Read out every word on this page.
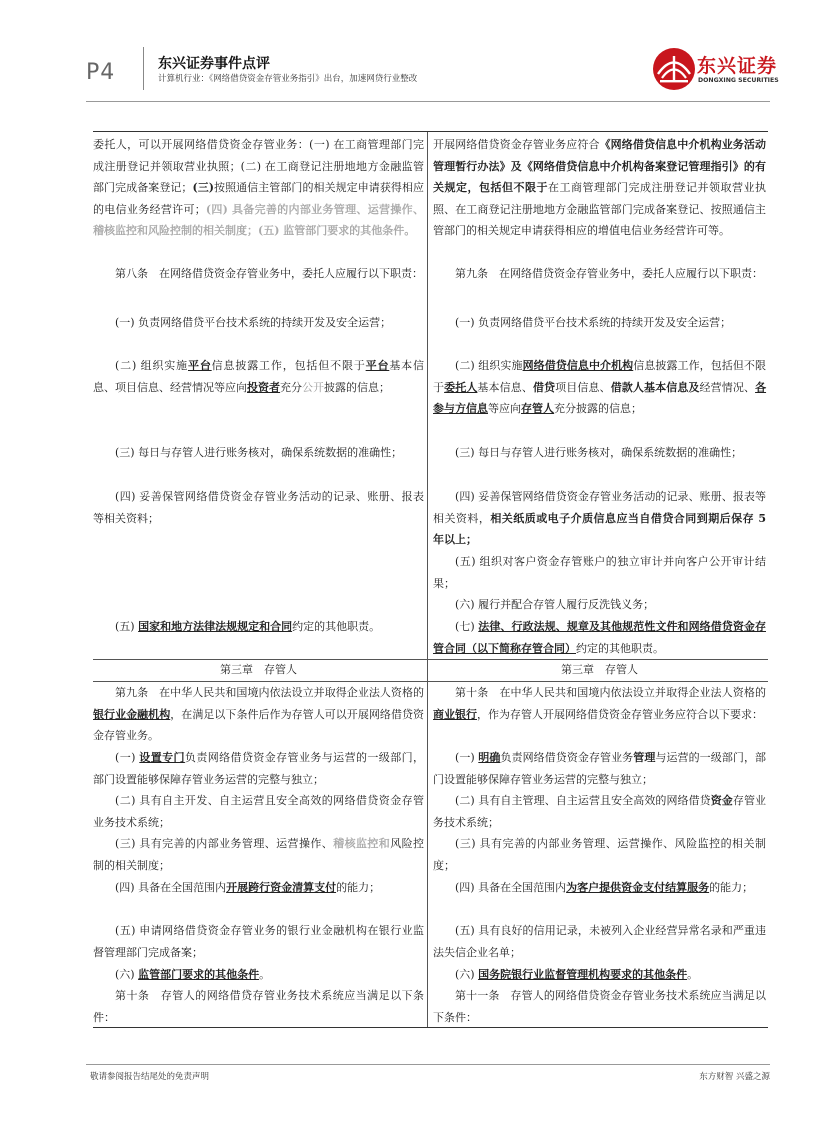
P4	东兴证券事件点评
计算机行业：《网络借贷资金存管业务指引》出台，加速网贷行业整改
东兴证券
DONGXING SECURITIES

委托人，可以开展网络借贷资金存管业务：(一) 在工商管理部门完成注册登记并领取营业执照；(二) 在工商登记注册地地方金融监管部门完成备案登记；(三)按照通信主管部门的相关规定申请获得相应的电信业务经营许可；(四) 具备完善的内部业务管理、运营操作、稽核监控和风险控制的相关制度；(五) 监管部门要求的其他条件。

第八条　在网络借贷资金存管业务中，委托人应履行以下职责：

(一) 负责网络借贷平台技术系统的持续开发及安全运营；

(二) 组织实施平台信息披露工作，包括但不限于平台基本信息、项目信息、经营情况等应向投资者充分公开披露的信息；

(三) 每日与存管人进行账务核对，确保系统数据的准确性；

(四) 妥善保管网络借贷资金存管业务活动的记录、账册、报表等相关资料；

(五) 国家和地方法律法规规定和合同约定的其他职责。

第三章　存管人

第九条　在中华人民共和国境内依法设立并取得企业法人资格的银行业金融机构，在满足以下条件后作为存管人可以开展网络借贷资金存管业务。

(一) 设置专门负责网络借贷资金存管业务与运营的一级部门，部门设置能够保障存管业务运营的完整与独立；

(二) 具有自主开发、自主运营且安全高效的网络借贷资金存管业务技术系统；

(三) 具有完善的内部业务管理、运营操作、稽核监控和风险控制的相关制度；

(四) 具备在全国范围内开展跨行资金清算支付的能力；

(五) 申请网络借贷资金存管业务的银行业金融机构在银行业监督管理部门完成备案；

(六) 监管部门要求的其他条件。

第十条　存管人的网络借贷存管业务技术系统应当满足以下条件：

开展网络借贷资金存管业务应符合《网络借贷信息中介机构业务活动管理暂行办法》及《网络借贷信息中介机构备案登记管理指引》的有关规定，包括但不限于在工商管理部门完成注册登记并领取营业执照、在工商登记注册地地方金融监管部门完成备案登记、按照通信主管部门的相关规定申请获得相应的增值电信业务经营许可等。

第九条　在网络借贷资金存管业务中，委托人应履行以下职责：

(一) 负责网络借贷平台技术系统的持续开发及安全运营；

(二) 组织实施网络借贷信息中介机构信息披露工作，包括但不限于委托人基本信息、借贷项目信息、借款人基本信息及经营情况、各参与方信息等应向存管人充分披露的信息；

(三) 每日与存管人进行账务核对，确保系统数据的准确性；

(四) 妥善保管网络借贷资金存管业务活动的记录、账册、报表等相关资料，相关纸质或电子介质信息应当自借贷合同到期后保存 5 年以上；

(五) 组织对客户资金存管账户的独立审计并向客户公开审计结果；

(六) 履行并配合存管人履行反洗钱义务；

(七) 法律、行政法规、规章及其他规范性文件和网络借贷资金存管合同（以下简称存管合同）约定的其他职责。

第三章　存管人

第十条　在中华人民共和国境内依法设立并取得企业法人资格的商业银行，作为存管人开展网络借贷资金存管业务应符合以下要求：

(一) 明确负责网络借贷资金存管业务管理与运营的一级部门，部门设置能够保障存管业务运营的完整与独立；

(二) 具有自主管理、自主运营且安全高效的网络借贷资金存管业务技术系统；

(三) 具有完善的内部业务管理、运营操作、风险监控的相关制度；

(四) 具备在全国范围内为客户提供资金支付结算服务的能力；

(五) 具有良好的信用记录，未被列入企业经营异常名录和严重违法失信企业名单；

(六) 国务院银行业监督管理机构要求的其他条件。

第十一条　存管人的网络借贷资金存管业务技术系统应当满足以下条件：

敬请参阅报告结尾处的免责声明	东方财智 兴盛之源
